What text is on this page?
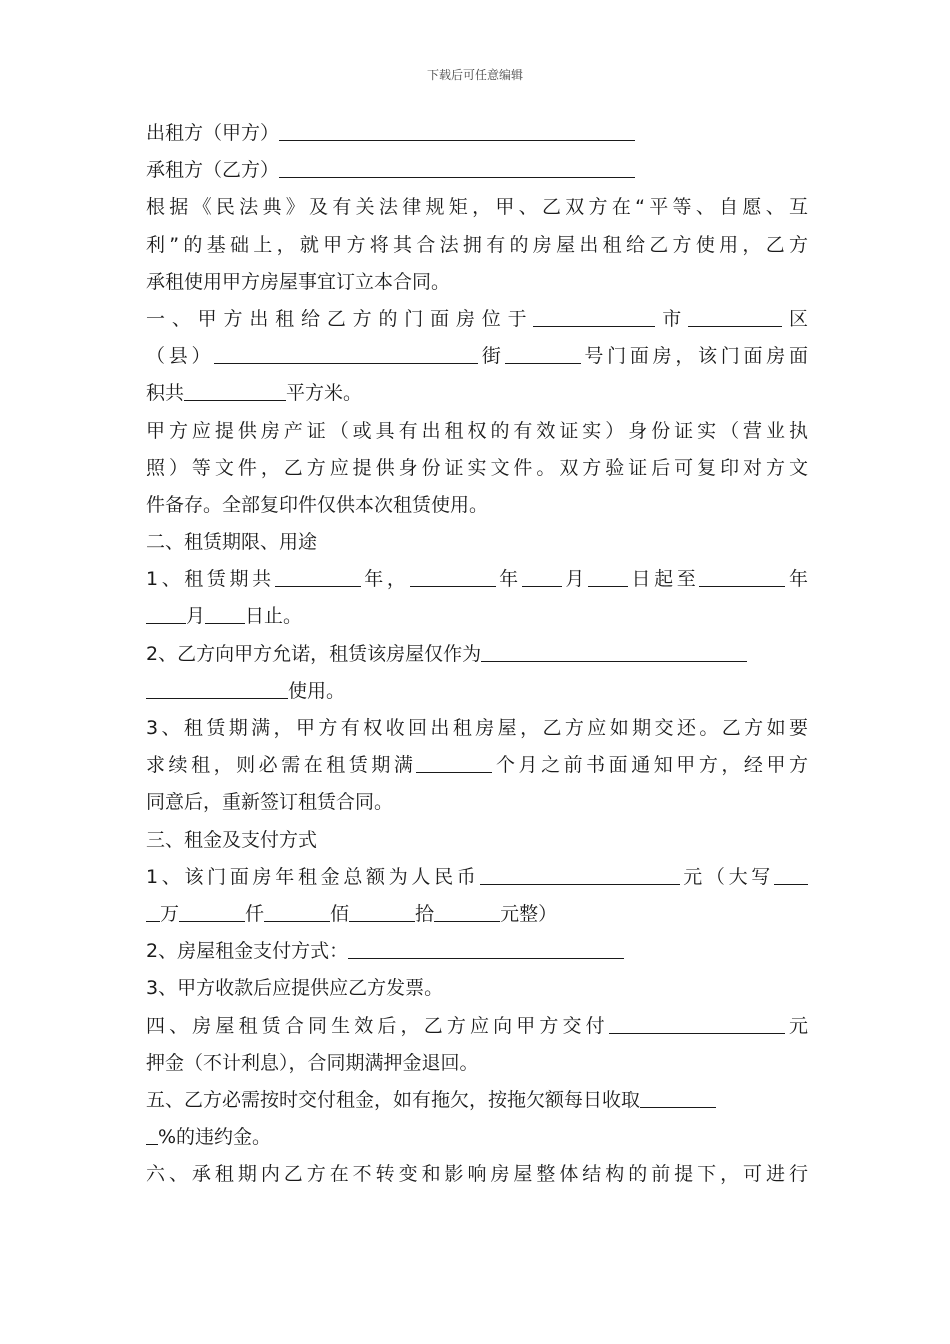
下载后可任意编辑
出租方（甲方）
承租方（乙方）
根据《民法典》及有关法律规矩，甲、乙双方在“平等、自愿、互
利”的基础上，就甲方将其合法拥有的房屋出租给乙方使用，乙方
承租使用甲方房屋事宜订立本合同。
一、甲方出租给乙方的门面房位于	市	区
（县）	街	号门面房，该门面房面
积共	平方米。
甲方应提供房产证（或具有出租权的有效证实）身份证实（营业执
照）等文件，乙方应提供身份证实文件。双方验证后可复印对方文
件备存。全部复印件仅供本次租赁使用。
二、租赁期限、用途
1、租赁期共	年，	年 月 日起至	年
月 日止。
2、乙方向甲方允诺，租赁该房屋仅作为
使用。
3、租赁期满，甲方有权收回出租房屋，乙方应如期交还。乙方如要
求续租，则必需在租赁期满	个月之前书面通知甲方，经甲方
同意后，重新签订租赁合同。
三、租金及支付方式
1、该门面房年租金总额为人民币	元（大写
万	仟	佰	拾	元整）
2、房屋租金支付方式：
3、甲方收款后应提供应乙方发票。
四、房屋租赁合同生效后，乙方应向甲方交付	元
押金（不计利息），合同期满押金退回。
五、乙方必需按时交付租金，如有拖欠，按拖欠额每日收取
%的违约金。
六、承租期内乙方在不转变和影响房屋整体结构的前提下，可进行
